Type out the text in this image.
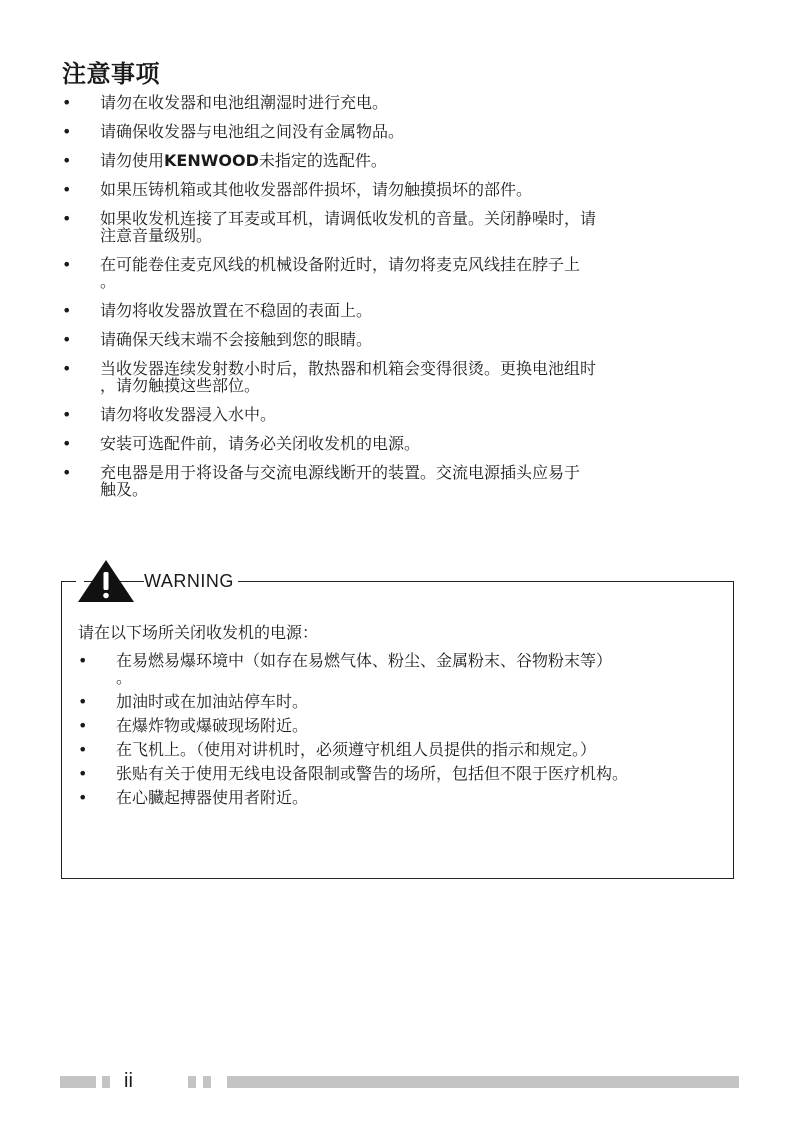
注意事项
• 请勿在收发器和电池组潮湿时进行充电。
• 请确保收发器与电池组之间没有金属物品。
• 请勿使用KENWOOD未指定的选配件。
• 如果压铸机箱或其他收发器部件损坏，请勿触摸损坏的部件。
• 如果收发机连接了耳麦或耳机，请调低收发机的音量。关闭静噪时，请
注意音量级别。
• 在可能卷住麦克风线的机械设备附近时，请勿将麦克风线挂在脖子上
。
• 请勿将收发器放置在不稳固的表面上。
• 请确保天线末端不会接触到您的眼睛。
• 当收发器连续发射数小时后，散热器和机箱会变得很烫。更换电池组时
，请勿触摸这些部位。
• 请勿将收发器浸入水中。
• 安装可选配件前，请务必关闭收发机的电源。
• 充电器是用于将设备与交流电源线断开的装置。交流电源插头应易于
触及。
WARNING
请在以下场所关闭收发机的电源：
• 在易燃易爆环境中（如存在易燃气体、粉尘、金属粉末、谷物粉末等）
。
• 加油时或在加油站停车时。
• 在爆炸物或爆破现场附近。
• 在飞机上。（使用对讲机时，必须遵守机组人员提供的指示和规定。）
• 张贴有关于使用无线电设备限制或警告的场所，包括但不限于医疗机构。
• 在心臓起搏器使用者附近。
ii
